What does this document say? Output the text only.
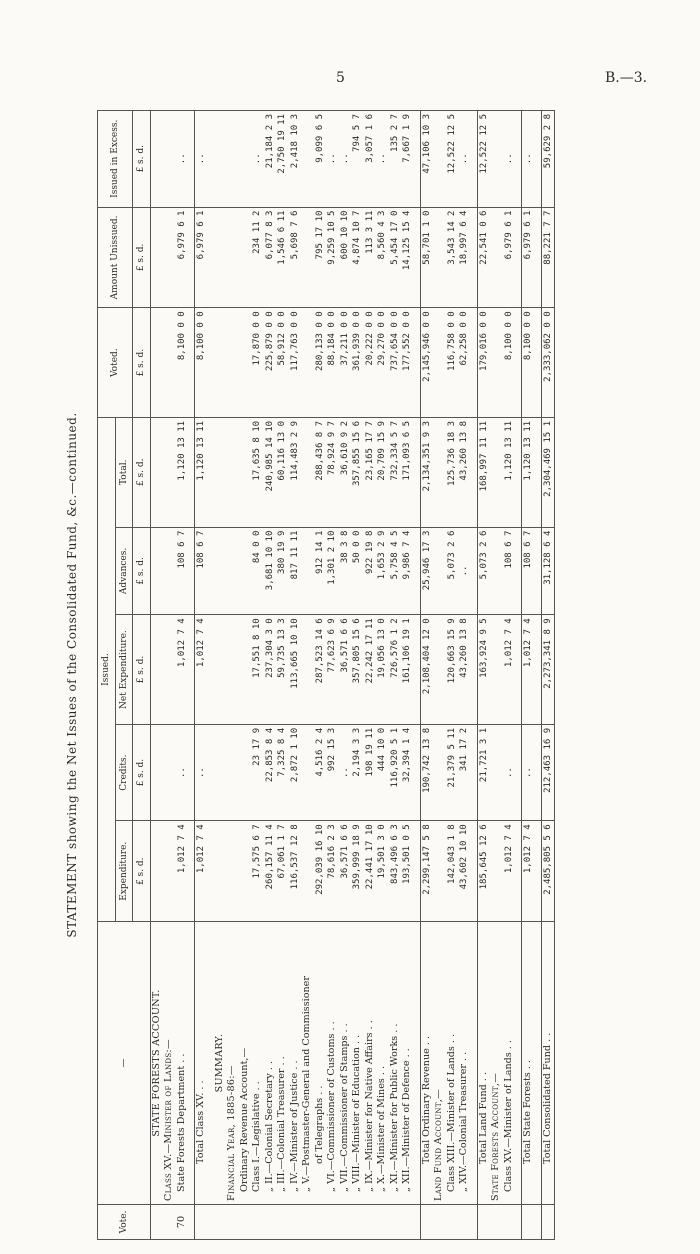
5	B.—3.
STATEMENT showing the Net Issues of the Consolidated Fund, &c.—continued.
Vote.	—	Issued.					Voted.	Amount Unissued.	Issued in Excess.
		Expenditure.	Credits.	Net Expenditure.	Advances.	Total.			
		£ s. d.	£ s. d.	£ s. d.	£ s. d.	£ s. d.	£ s. d.	£ s. d.	£ s. d.
	STATE FORESTS ACCOUNT.								
	Class XV.—Minister of Lands:—								
70	State Forests Department . .	1,012 7 4	..	1,012 7 4	108 6 7	1,120 13 11	8,100 0 0	6,979 6 1	..

	Total Class XV. . .	1,012 7 4	..	1,012 7 4	108 6 7	1,120 13 11	8,100 0 0	6,979 6 1	..

	SUMMARY.								
	Financial Year, 1885-86:—								
	Ordinary Revenue Account,—								
	Class I.—Legislative . .	17,575 6 7	23 17 9	17,551 8 10	84 0 0	17,635 8 10	17,870 0 0	234 11 2	..
	„ II.—Colonial Secretary . .	260,157 11 4	22,853 8 4	237,304 3 0	3,681 10 10	240,985 14 10	225,879 0 0	6,077 8 3	21,184 2 3
	„ III.—Colonial Treasurer . .	67,061 1 7	7,325 8 4	59,735 13 3	380 19 9	60,116 13 0	58,912 0 0	1,546 6 11	2,750 19 11
	„ IV.—Minister of Justice . .	116,537 12 8	2,872 1 10	113,665 10 10	817 11 11	114,483 2 9	117,763 0 0	5,698 7 6	2,418 10 3
	„ V.—Postmaster-General and Commissioner								
	of Telegraphs . .	292,039 16 10	4,516 2 4	287,523 14 6	912 14 1	288,436 8 7	280,133 0 0	795 17 10	9,099 6 5
	„ VI.—Commissioner of Customs . .	78,616 2 3	992 15 3	77,623 6 9	1,301 2 10	78,924 9 7	88,184 0 0	9,259 10 5	..
	„ VII.—Commissioner of Stamps . .	36,571 6 6	..	36,571 6 6	38 3 8	36,610 9 2	37,211 0 0	600 10 10	..
	„ VIII.—Minister of Education . .	359,999 18 9	2,194 3 3	357,805 15 6	50 0 0	357,855 15 6	361,939 0 0	4,874 10 7	794 5 7
	„ IX.—Minister for Native Affairs . .	22,441 17 10	198 19 11	22,242 17 11	922 19 8	23,165 17 7	20,222 0 0	113 3 11	3,057 1 6
	„ X.—Minister of Mines . .	19,501 3 0	444 10 0	19,056 13 0	1,653 2 9	20,709 15 9	29,270 0 0	8,560 4 3	..
	„ XI.—Minister for Public Works . .	843,496 6 3	116,920 5 1	726,576 1 2	5,758 4 5	732,334 5 7	737,654 0 0	5,454 17 0	135 2 7
	„ XII.—Minister of Defence . .	193,501 0 5	32,394 1 4	161,106 19 1	9,986 7 4	171,093 6 5	177,552 0 0	14,125 15 4	7,667 1 9

	Total Ordinary Revenue . .	2,299,147 5 8	190,742 13 8	2,108,404 12 0	25,946 17 3	2,134,351 9 3	2,145,946 0 0	58,701 1 0	47,106 10 3
	Land Fund Account,—								
	Class XIII.—Minister of Lands . .	142,043 1 8	21,379 5 11	120,663 15 9	5,073 2 6	125,736 18 3	116,758 0 0	3,543 14 2	12,522 12 5
	„ XIV.—Colonial Treasurer . .	43,602 10 10	341 17 2	43,260 13 8	..	43,260 13 8	62,258 0 0	18,997 6 4	..

	Total Land Fund . .	185,645 12 6	21,721 3 1	163,924 9 5	5,073 2 6	168,997 11 11	179,016 0 0	22,541 0 6	12,522 12 5
	State Forests Account,—								
	Class XV.—Minister of Lands . .	1,012 7 4	..	1,012 7 4	108 6 7	1,120 13 11	8,100 0 0	6,979 6 1	..

	Total State Forests . .	1,012 7 4	..	1,012 7 4	108 6 7	1,120 13 11	8,100 0 0	6,979 6 1	..

	Total Consolidated Fund . .	2,485,805 5 6	212,463 16 9	2,273,341 8 9	31,128 6 4	2,304,469 15 1	2,333,062 0 0	88,221 7 7	59,629 2 8
